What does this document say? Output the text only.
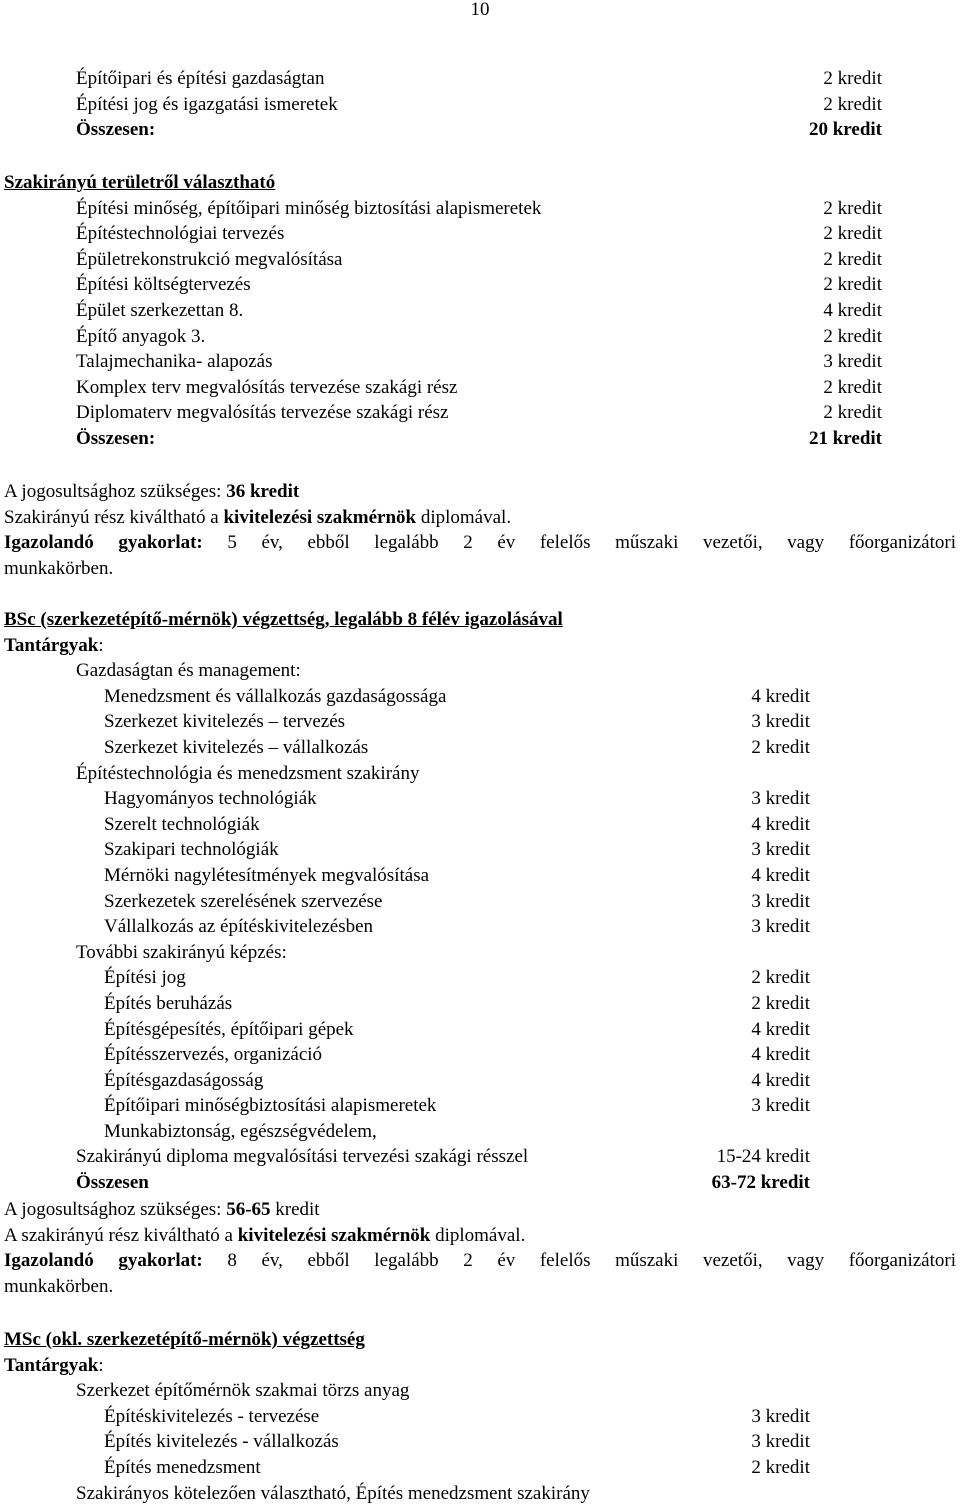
10
Építőipari és építési gazdaságtan	2 kredit
Építési jog és igazgatási ismeretek	2 kredit
Összesen:	20 kredit
Szakirányú területről választható
Építési minőség, építőipari minőség biztosítási alapismeretek	2 kredit
Építéstechnológiai tervezés	2 kredit
Épületrekonstrukció megvalósítása	2 kredit
Építési költségtervezés	2 kredit
Épület szerkezettan 8.	4 kredit
Építő anyagok 3.	2 kredit
Talajmechanika- alapozás	3 kredit
Komplex terv megvalósítás tervezése szakági rész	2 kredit
Diplomaterv megvalósítás tervezése szakági rész	2 kredit
Összesen:	21 kredit
A jogosultsághoz szükséges: 36 kredit
Szakirányú rész kiváltható a kivitelezési szakmérnök diplomával.
Igazolandó gyakorlat: 5 év, ebből legalább 2 év felelős műszaki vezetői, vagy főorganizátori
munkakörben.
BSc (szerkezetépítő-mérnök) végzettség, legalább 8 félév igazolásával
Tantárgyak:
Gazdaságtan és management:
Menedzsment és vállalkozás gazdaságossága	4 kredit
Szerkezet kivitelezés – tervezés	3 kredit
Szerkezet kivitelezés – vállalkozás	2 kredit
Építéstechnológia és menedzsment szakirány
Hagyományos technológiák	3 kredit
Szerelt technológiák	4 kredit
Szakipari technológiák	3 kredit
Mérnöki nagylétesítmények megvalósítása	4 kredit
Szerkezetek szerelésének szervezése	3 kredit
Vállalkozás az építéskivitelezésben	3 kredit
További szakirányú képzés:
Építési jog	2 kredit
Építés beruházás	2 kredit
Építésgépesítés, építőipari gépek	4 kredit
Építésszervezés, organizáció	4 kredit
Építésgazdaságosság	4 kredit
Építőipari minőségbiztosítási alapismeretek	3 kredit
Munkabiztonság, egészségvédelem,
Szakirányú diploma megvalósítási tervezési szakági résszel	15-24 kredit
Összesen	63-72 kredit
A jogosultsághoz szükséges: 56-65 kredit
A szakirányú rész kiváltható a kivitelezési szakmérnök diplomával.
Igazolandó gyakorlat: 8 év, ebből legalább 2 év felelős műszaki vezetői, vagy főorganizátori
munkakörben.
MSc (okl. szerkezetépítő-mérnök) végzettség
Tantárgyak:
Szerkezet építőmérnök szakmai törzs anyag
Építéskivitelezés - tervezése	3 kredit
Építés kivitelezés - vállalkozás	3 kredit
Építés menedzsment	2 kredit
Szakirányos kötelezően választható, Építés menedzsment szakirány
